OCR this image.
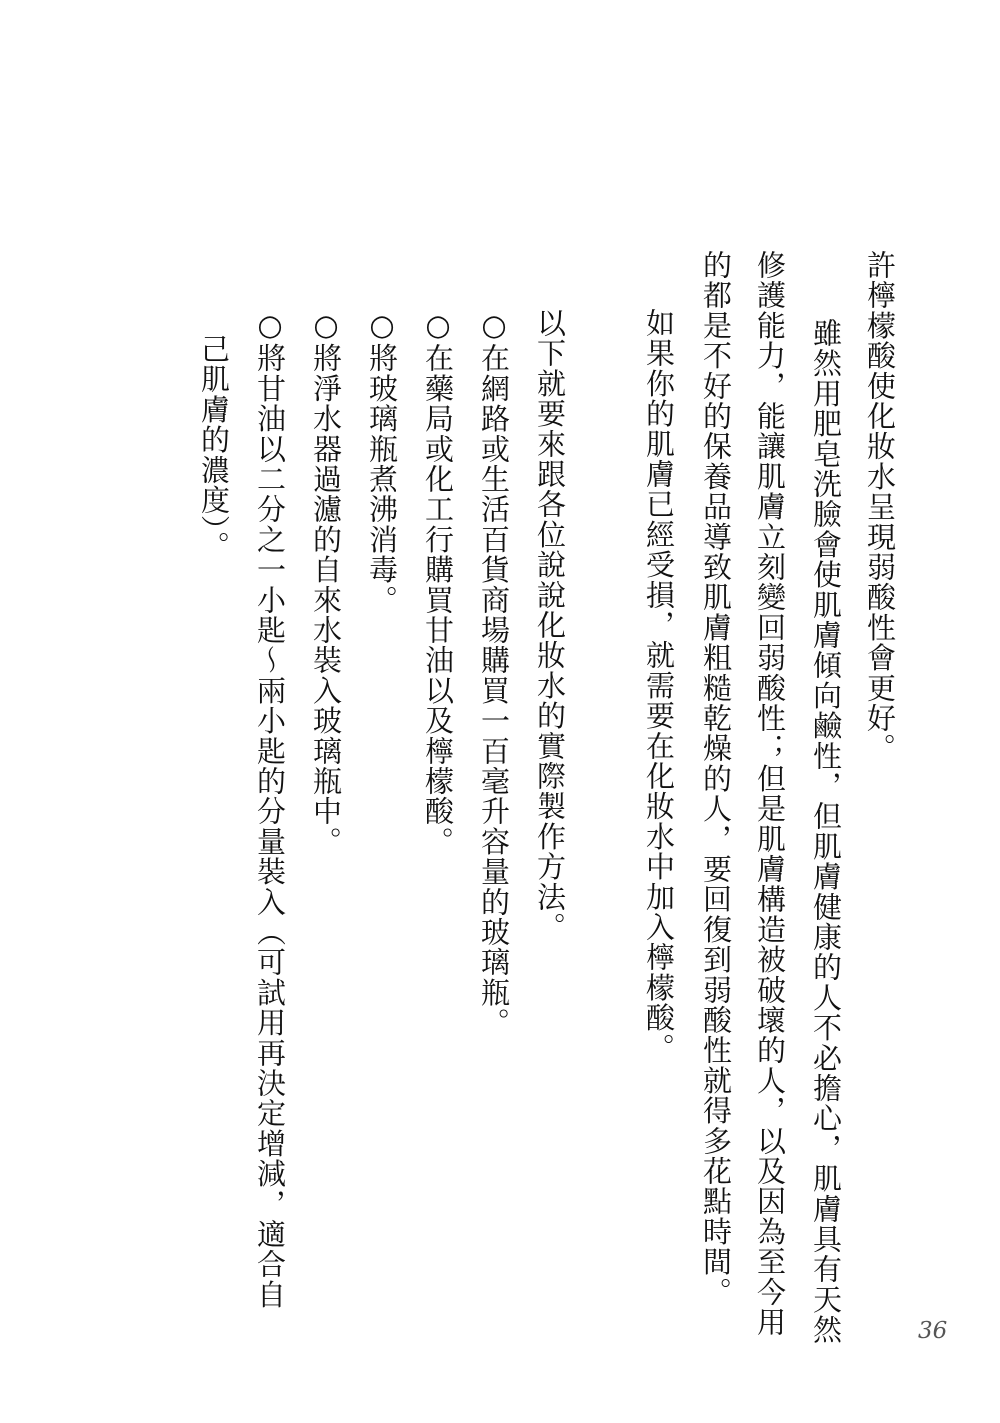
許檸檬酸使化妝水呈現弱酸性會更好。
雖然用肥皂洗臉會使肌膚傾向鹼性，但肌膚健康的人不必擔心，肌膚具有天然
修護能力，能讓肌膚立刻變回弱酸性；但是肌膚構造被破壞的人，以及因為至今用
的都是不好的保養品導致肌膚粗糙乾燥的人，要回復到弱酸性就得多花點時間。
如果你的肌膚已經受損，就需要在化妝水中加入檸檬酸。
以下就要來跟各位說說化妝水的實際製作方法。
○在網路或生活百貨商場購買一百毫升容量的玻璃瓶。
○在藥局或化工行購買甘油以及檸檬酸。
○將玻璃瓶煮沸消毒。
○將淨水器過濾的自來水裝入玻璃瓶中。
○將甘油以二分之一小匙～兩小匙的分量裝入（可試用再決定增減，適合自
己肌膚的濃度）。
36
